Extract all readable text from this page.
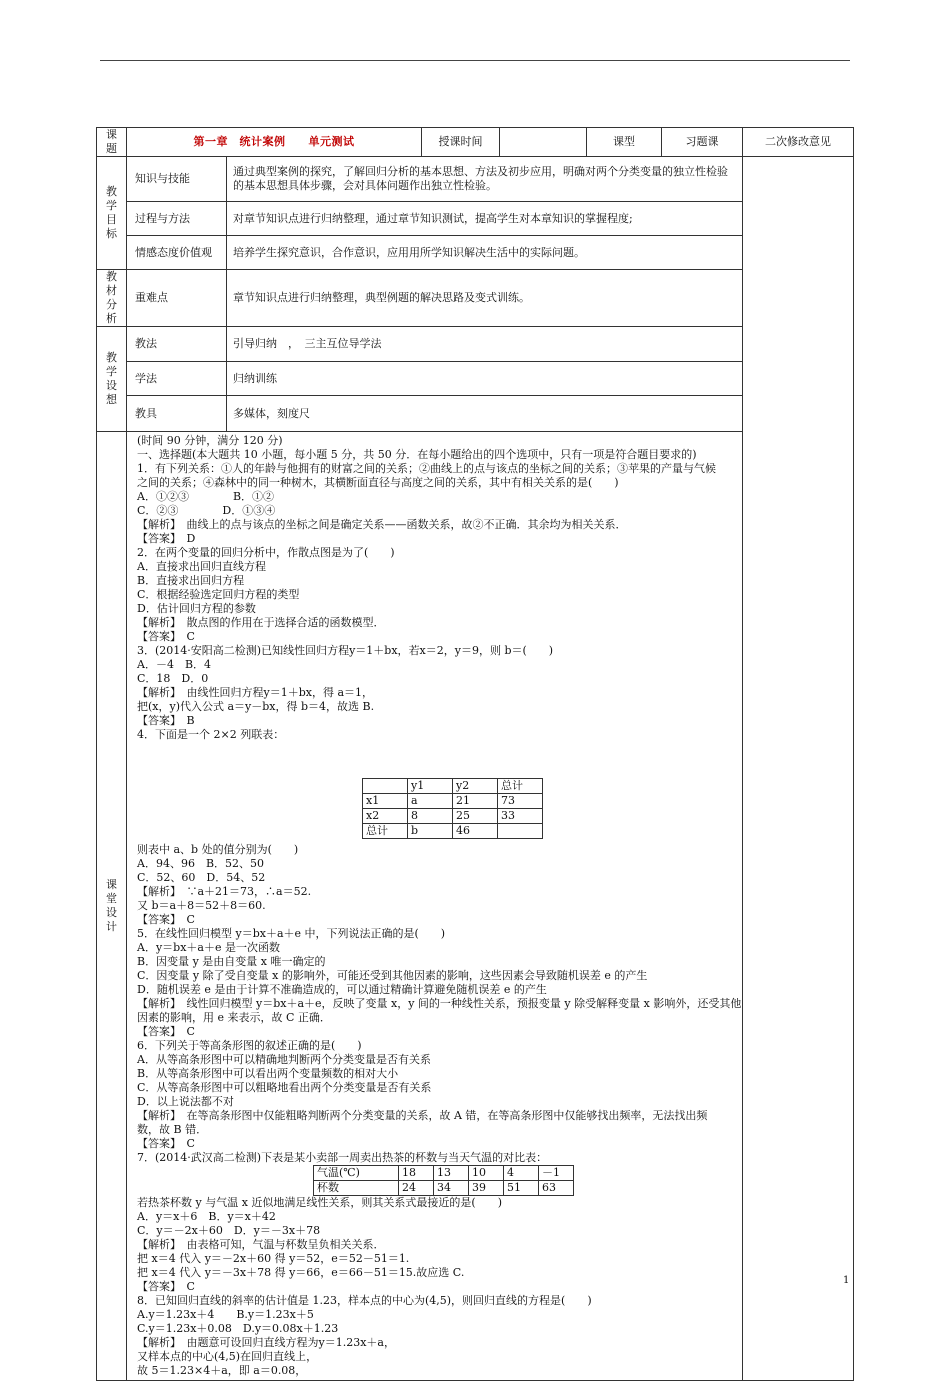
课
题
	第一章　统计案例　　单元测试	授课时间		课型	习题课	二次修改意见

教
学
目
标
	知识与技能	通过典型案例的探究，了解回归分析的基本思想、方法及初步应用，明确对两个分类变量的独立性检验的基本思想具体步骤，会对具体问题作出独立性检验。	
过程与方法	对章节知识点进行归纳整理，通过章节知识测试，提高学生对本章知识的掌握程度;
情感态度价值观	培养学生探究意识，合作意识，应用用所学知识解决生活中的实际问题。

教
材
分
析
	重难点	章节知识点进行归纳整理，典型例题的解决思路及变式训练。

教
学
设
想
	教法	引导归纳　，　三主互位导学法
学法	归纳训练
教具	多媒体，刻度尺

课
堂
设
计

(时间 90 分钟，满分 120 分)

一、选择题(本大题共 10 小题，每小题 5 分，共 50 分．在每小题给出的四个选项中，只有一项是符合题目要求的)

1．有下列关系：①人的年龄与他拥有的财富之间的关系；②曲线上的点与该点的坐标之间的关系；③苹果的产量与气候

之间的关系；④森林中的同一种树木，其横断面直径与高度之间的关系，其中有相关关系的是(　　)

A．①②③　　　　B．①②

C．②③　　　　D．①③④

【解析】　曲线上的点与该点的坐标之间是确定关系——函数关系，故②不正确．其余均为相关关系．

【答案】　D

2．在两个变量的回归分析中，作散点图是为了(　　)

A．直接求出回归直线方程

B．直接求出回归方程

C．根据经验选定回归方程的类型

D．估计回归方程的参数

【解析】　散点图的作用在于选择合适的函数模型．

【答案】　C

3．(2014·安阳高二检测)已知线性回归方程y＝1＋bx，若x＝2，y＝9，则 b＝(　　)

A．－4　B．4

C．18　D．0

【解析】　由线性回归方程y＝1＋bx，得 a＝1，

把(x，y)代入公式 a＝y－bx，得 b＝4，故选 B.

【答案】　B

4．下面是一个 2×2 列联表：

	y1	y2	总计
x1	a	21	73
x2	8	25	33
总计	b	46	

则表中 a、b 处的值分别为(　　)

A．94、96　B．52、50

C．52、60　D．54、52

【解析】　∵a＋21＝73，∴a＝52.

又 b＝a＋8＝52＋8＝60.

【答案】　C

5．在线性回归模型 y＝bx＋a＋e 中，下列说法正确的是(　　)

A．y＝bx＋a＋e 是一次函数

B．因变量 y 是由自变量 x 唯一确定的

C．因变量 y 除了受自变量 x 的影响外，可能还受到其他因素的影响，这些因素会导致随机误差 e 的产生

D．随机误差 e 是由于计算不准确造成的，可以通过精确计算避免随机误差 e 的产生

【解析】　线性回归模型 y＝bx＋a＋e，反映了变量 x，y 间的一种线性关系，预报变量 y 除受解释变量 x 影响外，还受其他

因素的影响，用 e 来表示，故 C 正确．

【答案】　C

6．下列关于等高条形图的叙述正确的是(　　)

A．从等高条形图中可以精确地判断两个分类变量是否有关系

B．从等高条形图中可以看出两个变量频数的相对大小

C．从等高条形图中可以粗略地看出两个分类变量是否有关系

D．以上说法都不对

【解析】　在等高条形图中仅能粗略判断两个分类变量的关系，故 A 错，在等高条形图中仅能够找出频率，无法找出频

数，故 B 错．

【答案】　C

7．(2014·武汉高二检测)下表是某小卖部一周卖出热茶的杯数与当天气温的对比表：

气温(℃)	18	13	10	4	－1
杯数	24	34	39	51	63

若热茶杯数 y 与气温 x 近似地满足线性关系，则其关系式最接近的是(　　)

A．y＝x＋6　B．y＝x＋42

C．y＝－2x＋60　D．y＝－3x＋78

【解析】　由表格可知，气温与杯数呈负相关关系．

把 x＝4 代入 y＝－2x＋60 得 y＝52，e＝52－51＝1.

把 x＝4 代入 y＝－3x＋78 得 y＝66，e＝66－51＝15.故应选 C.

【答案】　C

8．已知回归直线的斜率的估计值是 1.23，样本点的中心为(4,5)，则回归直线的方程是(　　)

A.y＝1.23x＋4　　B.y＝1.23x＋5

C.y＝1.23x＋0.08　D.y＝0.08x＋1.23

【解析】　由题意可设回归直线方程为y＝1.23x＋a，

又样本点的中心(4,5)在回归直线上，

故 5＝1.23×4＋a，即 a＝0.08，

1
